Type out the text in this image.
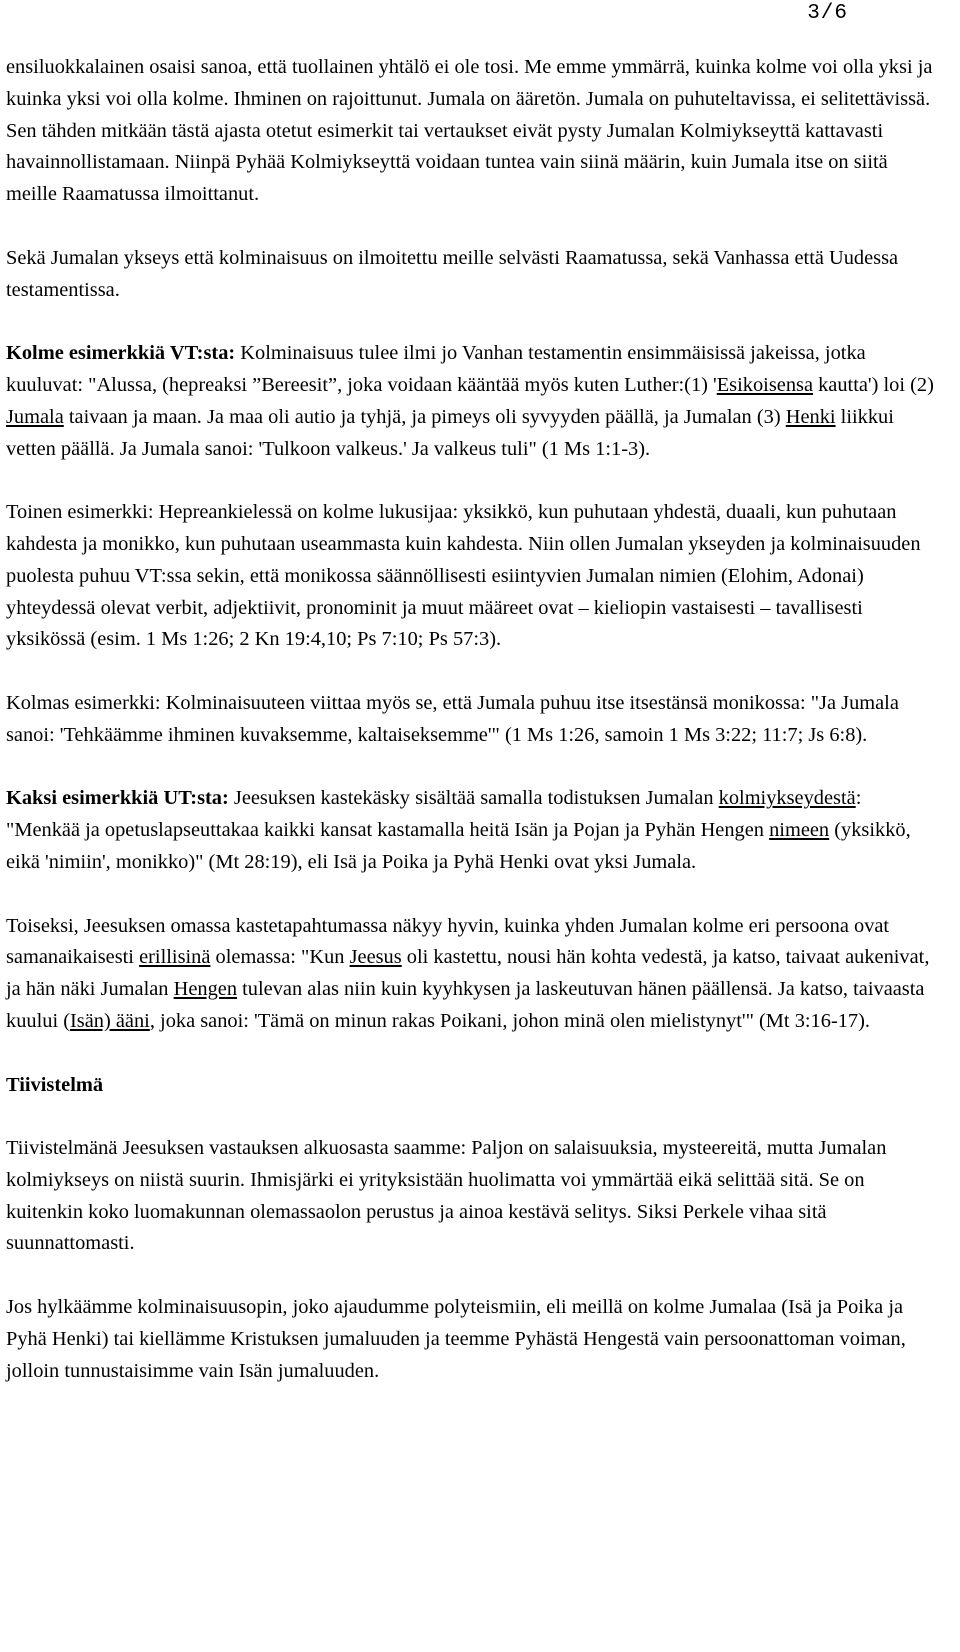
3/6

ensiluokkalainen osaisi sanoa, että tuollainen yhtälö ei ole tosi. Me emme ymmärrä, kuinka kolme voi olla yksi ja kuinka yksi voi olla kolme. Ihminen on rajoittunut. Jumala on ääretön. Jumala on puhuteltavissa, ei selitettävissä. Sen tähden mitkään tästä ajasta otetut esimerkit tai vertaukset eivät pysty Jumalan Kolmiykseyttä kattavasti havainnollistamaan. Niinpä Pyhää Kolmiykseyttä voidaan tuntea vain siinä määrin, kuin Jumala itse on siitä meille Raamatussa ilmoittanut.

Sekä Jumalan ykseys että kolminaisuus on ilmoitettu meille selvästi Raamatussa, sekä Vanhassa että Uudessa testamentissa.

Kolme esimerkkiä VT:sta: Kolminaisuus tulee ilmi jo Vanhan testamentin ensimmäisissä jakeissa, jotka kuuluvat: "Alussa, (hepreaksi ”Bereesit”, joka voidaan kääntää myös kuten Luther:(1) 'Esikoisensa kautta') loi (2) Jumala taivaan ja maan. Ja maa oli autio ja tyhjä, ja pimeys oli syvyyden päällä, ja Jumalan (3) Henki liikkui vetten päällä. Ja Jumala sanoi: 'Tulkoon valkeus.' Ja valkeus tuli" (1 Ms 1:1-3).

Toinen esimerkki: Hepreankielessä on kolme lukusijaa: yksikkö, kun puhutaan yhdestä, duaali, kun puhutaan kahdesta ja monikko, kun puhutaan useammasta kuin kahdesta. Niin ollen Jumalan ykseyden ja kolminaisuuden puolesta puhuu VT:ssa sekin, että monikossa säännöllisesti esiintyvien Jumalan nimien (Elohim, Adonai) yhteydessä olevat verbit, adjektiivit, pronominit ja muut määreet ovat – kieliopin vastaisesti – tavallisesti yksikössä (esim. 1 Ms 1:26; 2 Kn 19:4,10; Ps 7:10; Ps 57:3).

Kolmas esimerkki: Kolminaisuuteen viittaa myös se, että Jumala puhuu itse itsestänsä monikossa: "Ja Jumala sanoi: 'Tehkäämme ihminen kuvaksemme, kaltaiseksemme'" (1 Ms 1:26, samoin 1 Ms 3:22; 11:7; Js 6:8).

Kaksi esimerkkiä UT:sta: Jeesuksen kastekäsky sisältää samalla todistuksen Jumalan kolmiykseydestä: "Menkää ja opetuslapseuttakaa kaikki kansat kastamalla heitä Isän ja Pojan ja Pyhän Hengen nimeen (yksikkö, eikä 'nimiin', monikko)" (Mt 28:19), eli Isä ja Poika ja Pyhä Henki ovat yksi Jumala.

Toiseksi, Jeesuksen omassa kastetapahtumassa näkyy hyvin, kuinka yhden Jumalan kolme eri persoona ovat samanaikaisesti erillisinä olemassa: "Kun Jeesus oli kastettu, nousi hän kohta vedestä, ja katso, taivaat aukenivat, ja hän näki Jumalan Hengen tulevan alas niin kuin kyyhkysen ja laskeutuvan hänen päällensä. Ja katso, taivaasta kuului (Isän) ääni, joka sanoi: 'Tämä on minun rakas Poikani, johon minä olen mielistynyt'" (Mt 3:16-17).

Tiivistelmä

Tiivistelmänä Jeesuksen vastauksen alkuosasta saamme: Paljon on salaisuuksia, mysteereitä, mutta Jumalan kolmiykseys on niistä suurin. Ihmisjärki ei yrityksistään huolimatta voi ymmärtää eikä selittää sitä. Se on kuitenkin koko luomakunnan olemassaolon perustus ja ainoa kestävä selitys. Siksi Perkele vihaa sitä suunnattomasti.

Jos hylkäämme kolminaisuusopin, joko ajaudumme polyteismiin, eli meillä on kolme Jumalaa (Isä ja Poika ja Pyhä Henki) tai kiellämme Kristuksen jumaluuden ja teemme Pyhästä Hengestä vain persoonattoman voiman, jolloin tunnustaisimme vain Isän jumaluuden.
